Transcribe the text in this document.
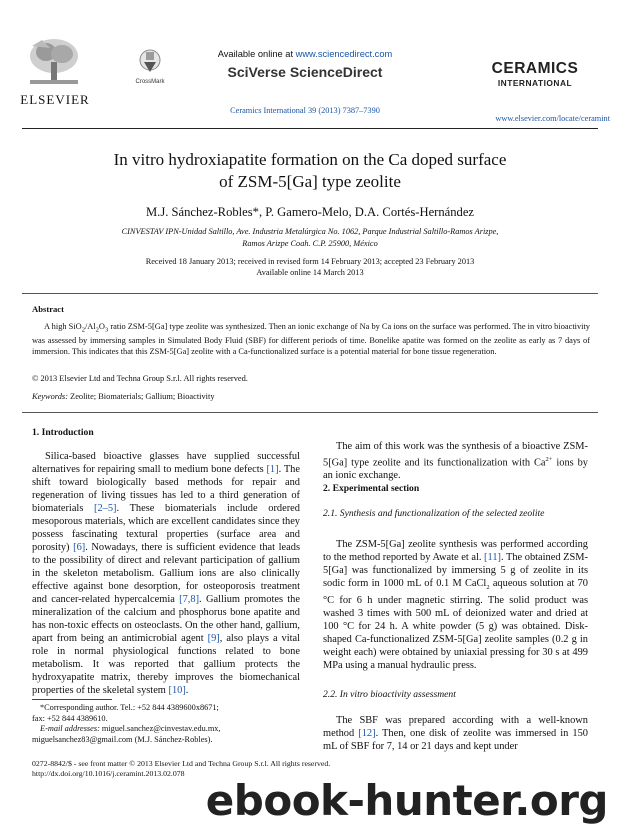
ELSEVIER
CrossMark
Available online at www.sciencedirect.com
SciVerse ScienceDirect
Ceramics International 39 (2013) 7387–7390
CERAMICS
INTERNATIONAL
www.elsevier.com/locate/ceramint
In vitro hydroxiapatite formation on the Ca doped surface
of ZSM-5[Ga] type zeolite
M.J. Sánchez-Robles*, P. Gamero-Melo, D.A. Cortés-Hernández
CINVESTAV IPN-Unidad Saltillo, Ave. Industria Metalúrgica No. 1062, Parque Industrial Saltillo-Ramos Arizpe,
Ramos Arizpe Coah. C.P. 25900, México
Received 18 January 2013; received in revised form 14 February 2013; accepted 23 February 2013
Available online 14 March 2013
Abstract
A high $SiO_2/Al_2O_3$ ratio ZSM-5[Ga] type zeolite was synthesized. Then an ionic exchange of Na by Ca ions on the surface was performed. The in vitro bioactivity was assessed by immersing samples in Simulated Body Fluid (SBF) for different periods of time. Bonelike apatite was formed on the zeolite as early as 7 days of immersion. This indicates that this ZSM-5[Ga] zeolite with a Ca-functionalized surface is a potential material for bone tissue regeneration.
© 2013 Elsevier Ltd and Techna Group S.r.l. All rights reserved.
Keywords: Zeolite; Biomaterials; Gallium; Bioactivity
1. Introduction

Silica-based bioactive glasses have supplied successful alternatives for repairing small to medium bone defects [1]. The shift toward biologically based methods for repair and regeneration of living tissues has led to a third generation of biomaterials [2–5]. These biomaterials include ordered mesoporous materials, which are excellent candidates since they possess fascinating textural properties (surface area and porosity) [6]. Nowadays, there is sufficient evidence that leads to the possibility of direct and relevant participation of gallium in the skeleton metabolism. Gallium ions are also clinically effective against bone desorption, for osteoporosis treatment and cancer-related hypercalcemia [7,8]. Gallium promotes the mineralization of the calcium and phosphorus bone apatite and has non-toxic effects on osteoclasts. On the other hand, gallium, apart from being an antimicrobial agent [9], also plays a vital role in normal physiological functions related to bone metabolism. It was reported that gallium protects the hydroxyapatite matrix, thereby improves the biomechanical properties of the skeletal system [10].

*Corresponding author. Tel.: +52 844 4389600x8671;
fax: +52 844 4389610.
E-mail addresses: miguel.sanchez@cinvestav.edu.mx,
miguelsanchez83@gmail.com (M.J. Sánchez-Robles).

The aim of this work was the synthesis of a bioactive ZSM-5[Ga] type zeolite and its functionalization with $Ca^{2+}$ ions by an ionic exchange.

2. Experimental section
2.1. Synthesis and functionalization of the selected zeolite

The ZSM-5[Ga] zeolite synthesis was performed according to the method reported by Awate et al. [11]. The obtained ZSM-5[Ga] was functionalized by immersing 5 g of zeolite in its sodic form in 1000 mL of 0.1 M CaCl$_2$ aqueous solution at 70 °C for 6 h under magnetic stirring. The solid product was washed 3 times with 500 mL of deionized water and dried at 100 °C for 24 h. A white powder (5 g) was obtained. Disk-shaped Ca-functionalized ZSM-5[Ga] zeolite samples (0.2 g in weight each) were obtained by uniaxial pressing for 30 s at 499 MPa using a manual hydraulic press.

2.2. In vitro bioactivity assessment

The SBF was prepared according with a well-known method [12]. Then, one disk of zeolite was immersed in 150 mL of SBF for 7, 14 or 21 days and kept under

0272-8842/$ - see front matter © 2013 Elsevier Ltd and Techna Group S.r.l. All rights reserved.
http://dx.doi.org/10.1016/j.ceramint.2013.02.078
ebook-hunter.org
